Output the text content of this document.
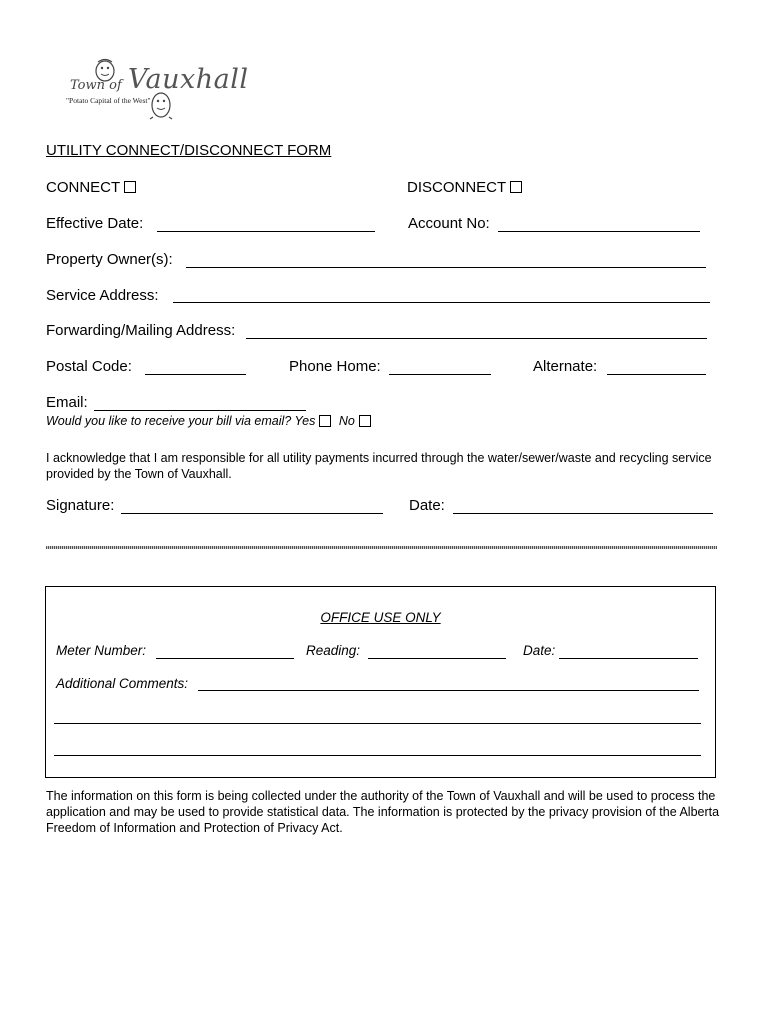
Town of Vauxhall
"Potato Capital of the West"
UTILITY CONNECT/DISCONNECT FORM
CONNECT	DISCONNECT
Effective Date:	Account No:
Property Owner(s):
Service Address:
Forwarding/Mailing Address:
Postal Code:	Phone Home:	Alternate:
Email:
Would you like to receive your bill via email? Yes No
I acknowledge that I am responsible for all utility payments incurred through the water/sewer/waste and recycling service provided by the Town of Vauxhall.
Signature:	Date:
OFFICE USE ONLY
Meter Number:	Reading:	Date:
Additional Comments:
The information on this form is being collected under the authority of the Town of Vauxhall and will be used to process the application and may be used to provide statistical data. The information is protected by the privacy provision of the Alberta Freedom of Information and Protection of Privacy Act.
